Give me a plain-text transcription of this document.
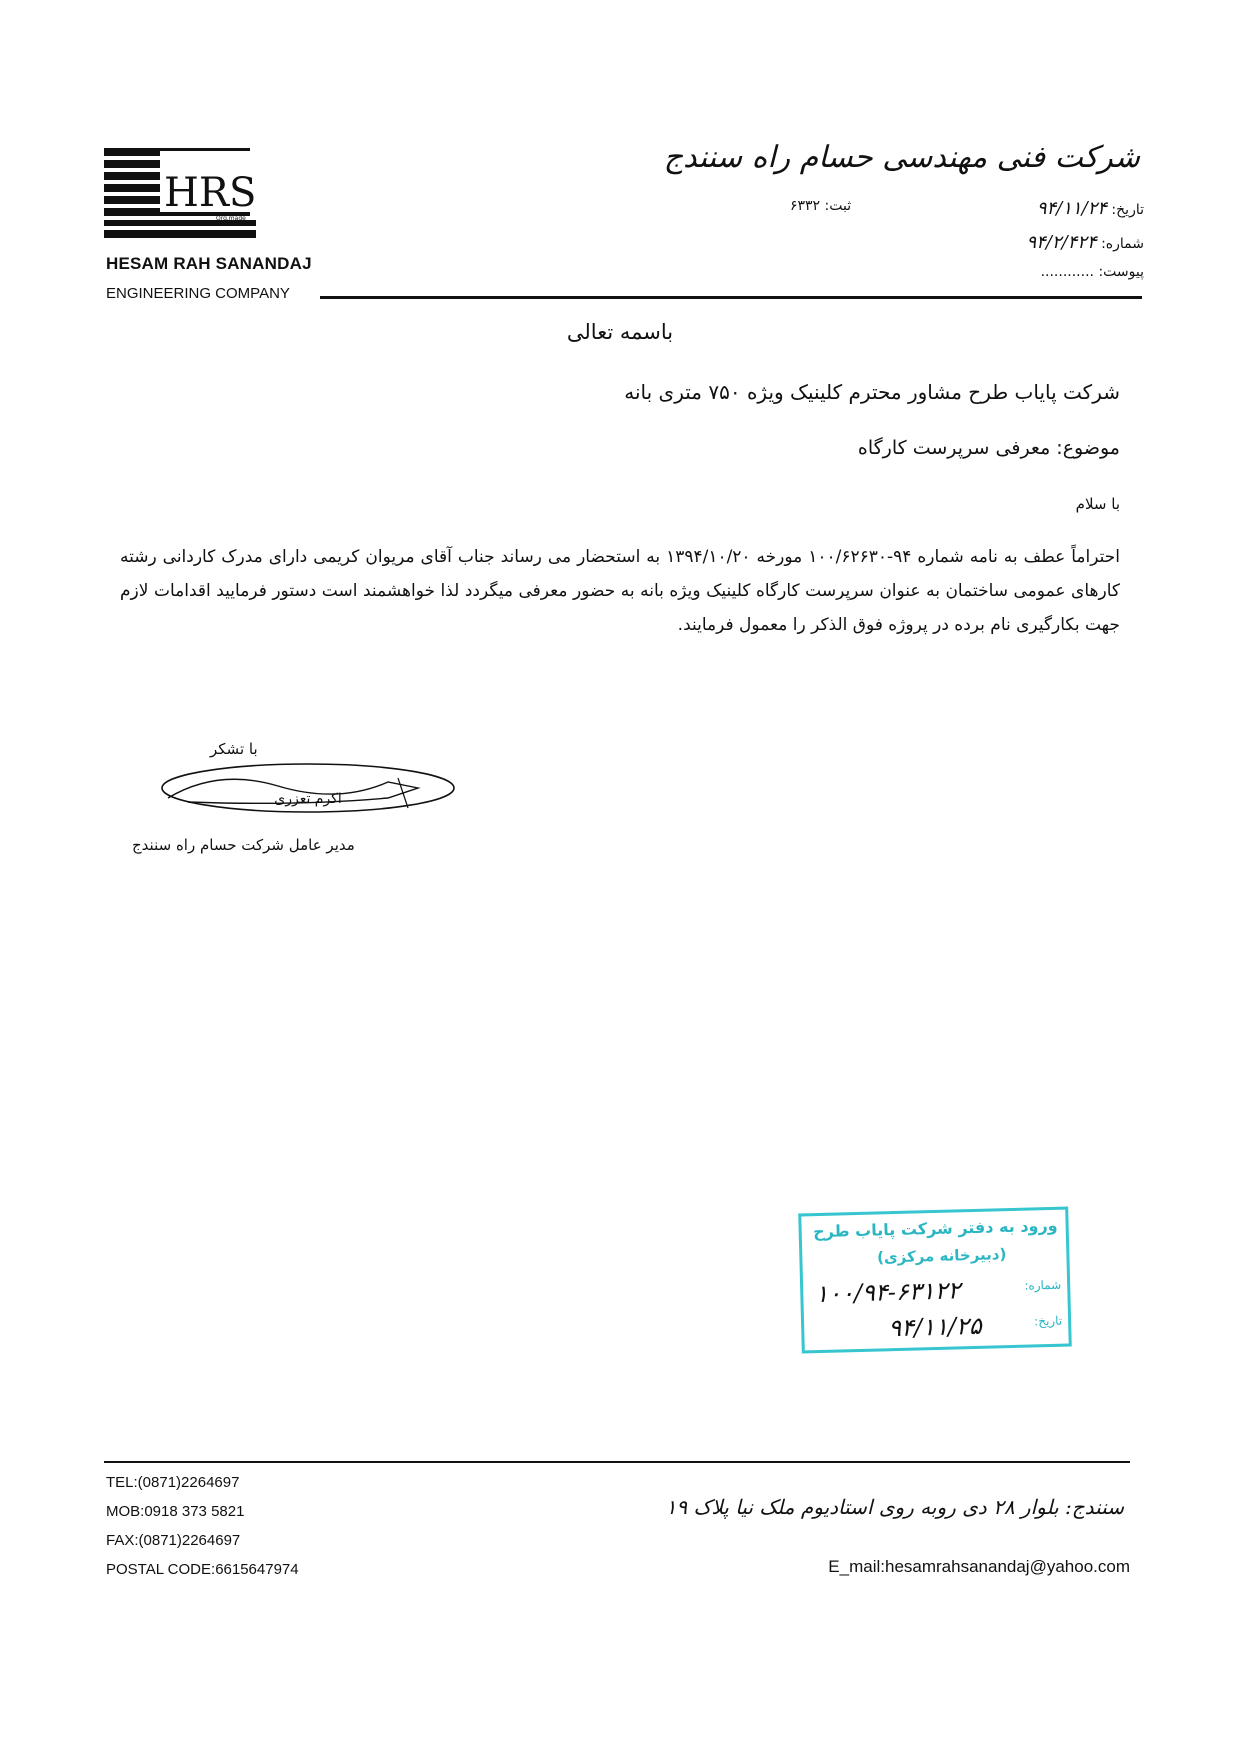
HRS
Org.made
HESAM RAH SANANDAJ
ENGINEERING COMPANY
شرکت فنی مهندسی حسام راه سنندج
ثبت: ۶۳۳۲	تاریخ: ۹۴/۱۱/۲۴
شماره: ۹۴/۲/۴۲۴
پیوست: ............
باسمه تعالی
شرکت پایاب طرح مشاور محترم کلینیک ویژه ۷۵۰ متری بانه
موضوع: معرفی سرپرست کارگاه
با سلام
احتراماً عطف به نامه شماره ۹۴-۱۰۰/۶۲۶۳۰ مورخه ۱۳۹۴/۱۰/۲۰ به استحضار می رساند جناب آقای مریوان کریمی دارای مدرک کاردانی رشته کارهای عمومی ساختمان به عنوان سرپرست کارگاه کلینیک ویژه بانه به حضور معرفی میگردد لذا خواهشمند است دستور فرمایید اقدامات لازم جهت بکارگیری نام برده در پروژه فوق الذکر را معمول فرمایند.
با تشکر
اکرم تعزری
مدیر عامل شرکت حسام راه سنندج
ورود به دفتر شرکت پایاب طرح
(دبیرخانه مرکزی)
شماره:
تاریخ:
۱۰۰/۹۴-۶۳۱۲۲
۹۴/۱۱/۲۵
TEL:(0871)2264697
MOB:0918 373 5821
FAX:(0871)2264697
POSTAL CODE:6615647974
سنندج: بلوار ۲۸ دی روبه روی استادیوم ملک نیا پلاک ۱۹
E_mail:hesamrahsanandaj@yahoo.com
